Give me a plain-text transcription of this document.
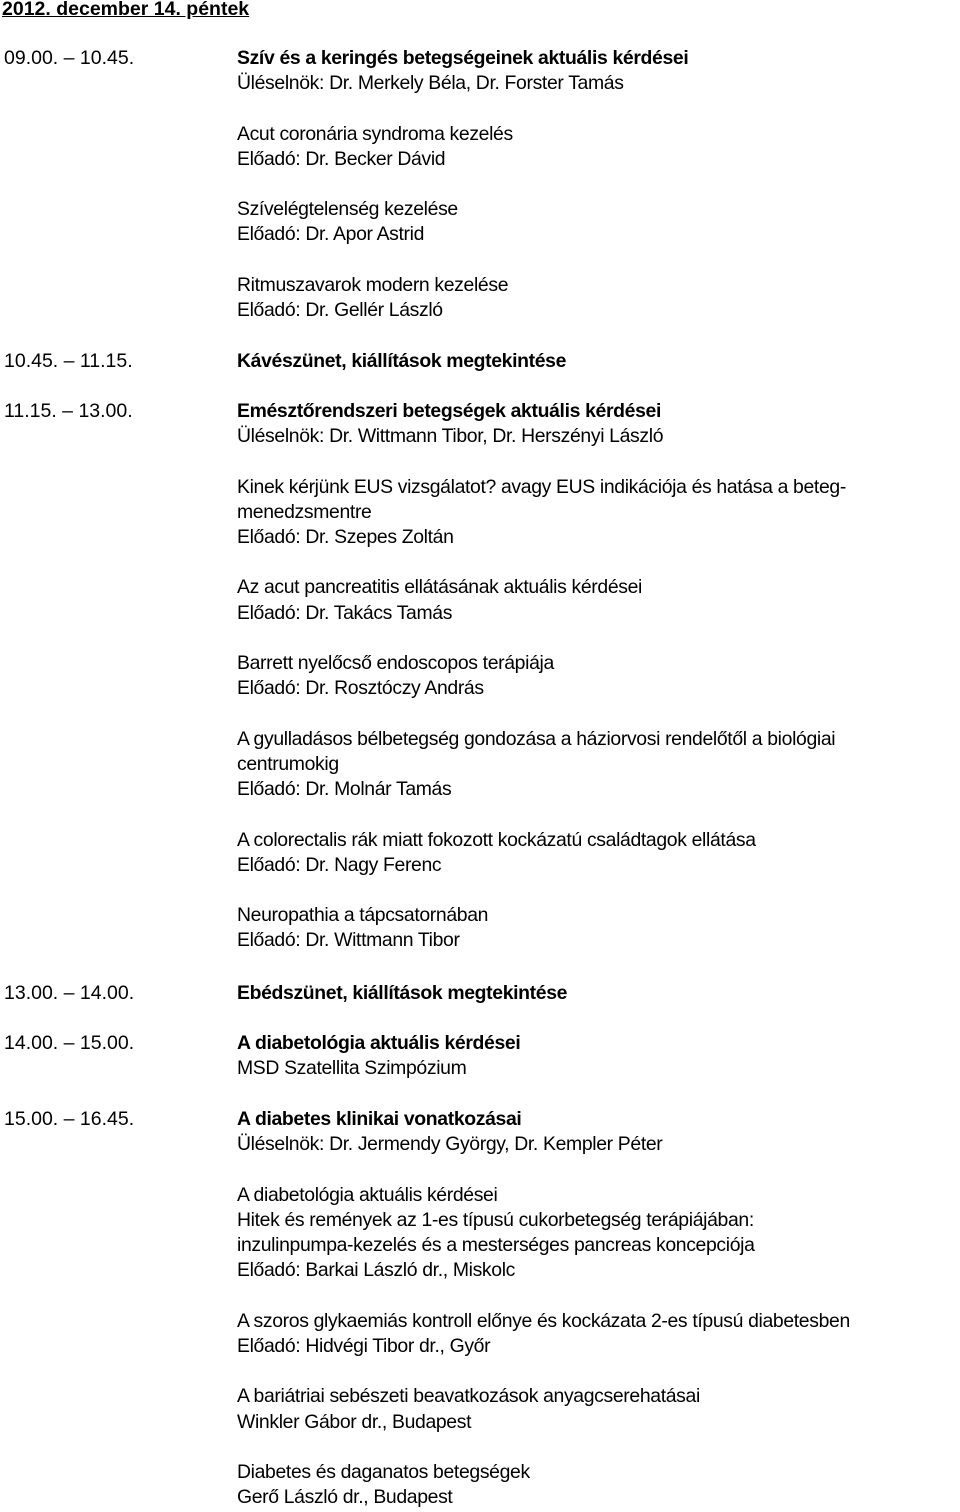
2012. december 14. péntek
09.00. – 10.45.	Szív és a keringés betegségeinek aktuális kérdései
Üléselnök: Dr. Merkely Béla, Dr. Forster Tamás
Acut coronária syndroma kezelés
Előadó: Dr. Becker Dávid
Szívelégtelenség kezelése
Előadó: Dr. Apor Astrid
Ritmuszavarok modern kezelése
Előadó: Dr. Gellér László
10.45. – 11.15.	Kávészünet, kiállítások megtekintése
11.15. – 13.00.	Emésztőrendszeri betegségek aktuális kérdései
Üléselnök: Dr. Wittmann Tibor, Dr. Herszényi László
Kinek kérjünk EUS vizsgálatot? avagy EUS indikációja és hatása a beteg-
menedzsmentre
Előadó: Dr. Szepes Zoltán
Az acut pancreatitis ellátásának aktuális kérdései
Előadó: Dr. Takács Tamás
Barrett nyelőcső endoscopos terápiája
Előadó: Dr. Rosztóczy András
A gyulladásos bélbetegség gondozása a háziorvosi rendelőtől a biológiai
centrumokig
Előadó: Dr. Molnár Tamás
A colorectalis rák miatt fokozott kockázatú családtagok ellátása
Előadó: Dr. Nagy Ferenc
Neuropathia a tápcsatornában
Előadó: Dr. Wittmann Tibor
13.00. – 14.00.	Ebédszünet, kiállítások megtekintése
14.00. – 15.00.	A diabetológia aktuális kérdései
MSD Szatellita Szimpózium
15.00. – 16.45.	A diabetes klinikai vonatkozásai
Üléselnök: Dr. Jermendy György, Dr. Kempler Péter
A diabetológia aktuális kérdései
Hitek és remények az 1-es típusú cukorbetegség terápiájában:
inzulinpumpa-kezelés és a mesterséges pancreas koncepciója
Előadó: Barkai László dr., Miskolc
A szoros glykaemiás kontroll előnye és kockázata 2-es típusú diabetesben
Előadó: Hidvégi Tibor dr., Győr
A bariátriai sebészeti beavatkozások anyagcserehatásai
Winkler Gábor dr., Budapest
Diabetes és daganatos betegségek
Gerő László dr., Budapest
